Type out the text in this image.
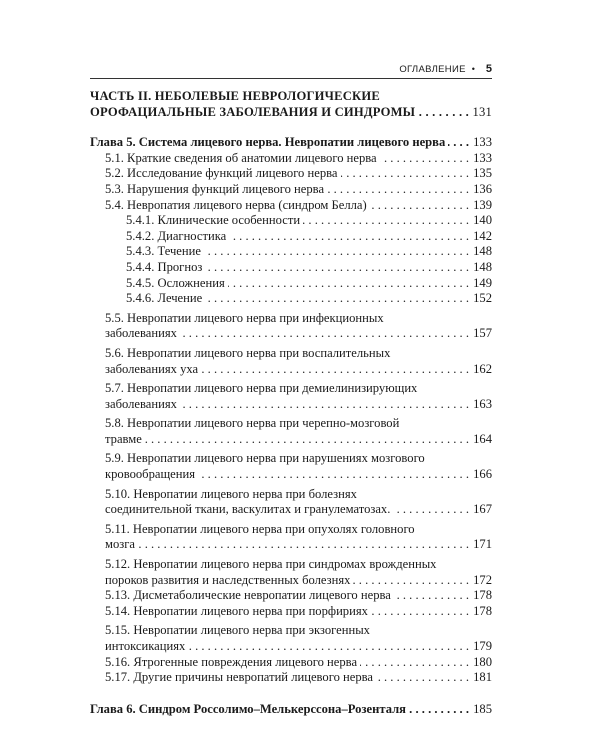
ОГЛАВЛЕНИЕ • 5
ЧАСТЬ II. НЕБОЛЕВЫЕ НЕВРОЛОГИЧЕСКИЕ
ОРОФАЦИАЛЬНЫЕ ЗАБОЛЕВАНИЯ И СИНДРОМЫ . . .	131
Глава 5. Система лицевого нерва. Невропатии лицевого нерва . . . 133
5.1. Краткие сведения об анатомии лицевого нерва . . .	133
5.2. Исследование функций лицевого нерва . . .	135
5.3. Нарушения функций лицевого нерва . . .	136
5.4. Невропатия лицевого нерва (синдром Белла) . . .	139
5.4.1. Клинические особенности . . .	140
5.4.2. Диагностика . . .	142
5.4.3. Течение . . .	148
5.4.4. Прогноз . . .	148
5.4.5. Осложнения . . .	149
5.4.6. Лечение . . .	152
5.5. Невропатии лицевого нерва при инфекционных
заболеваниях . . .	157
5.6. Невропатии лицевого нерва при воспалительных
заболеваниях уха . . .	162
5.7. Невропатии лицевого нерва при демиелинизирующих
заболеваниях . . .	163
5.8. Невропатии лицевого нерва при черепно-мозговой
травме . . .	164
5.9. Невропатии лицевого нерва при нарушениях мозгового
кровообращения . . .	166
5.10. Невропатии лицевого нерва при болезнях
соединительной ткани, васкулитах и гранулематозах. . . .	167
5.11. Невропатии лицевого нерва при опухолях головного
мозга . . .	171
5.12. Невропатии лицевого нерва при синдромах врожденных
пороков развития и наследственных болезнях . . .	172
5.13. Дисметаболические невропатии лицевого нерва . . .	178
5.14. Невропатии лицевого нерва при порфириях . . .	178
5.15. Невропатии лицевого нерва при экзогенных
интоксикациях . . .	179
5.16. Ятрогенные повреждения лицевого нерва . . .	180
5.17. Другие причины невропатий лицевого нерва . . .	181
Глава 6. Синдром Россолимо–Мелькерссона–Розенталя . . .	185
